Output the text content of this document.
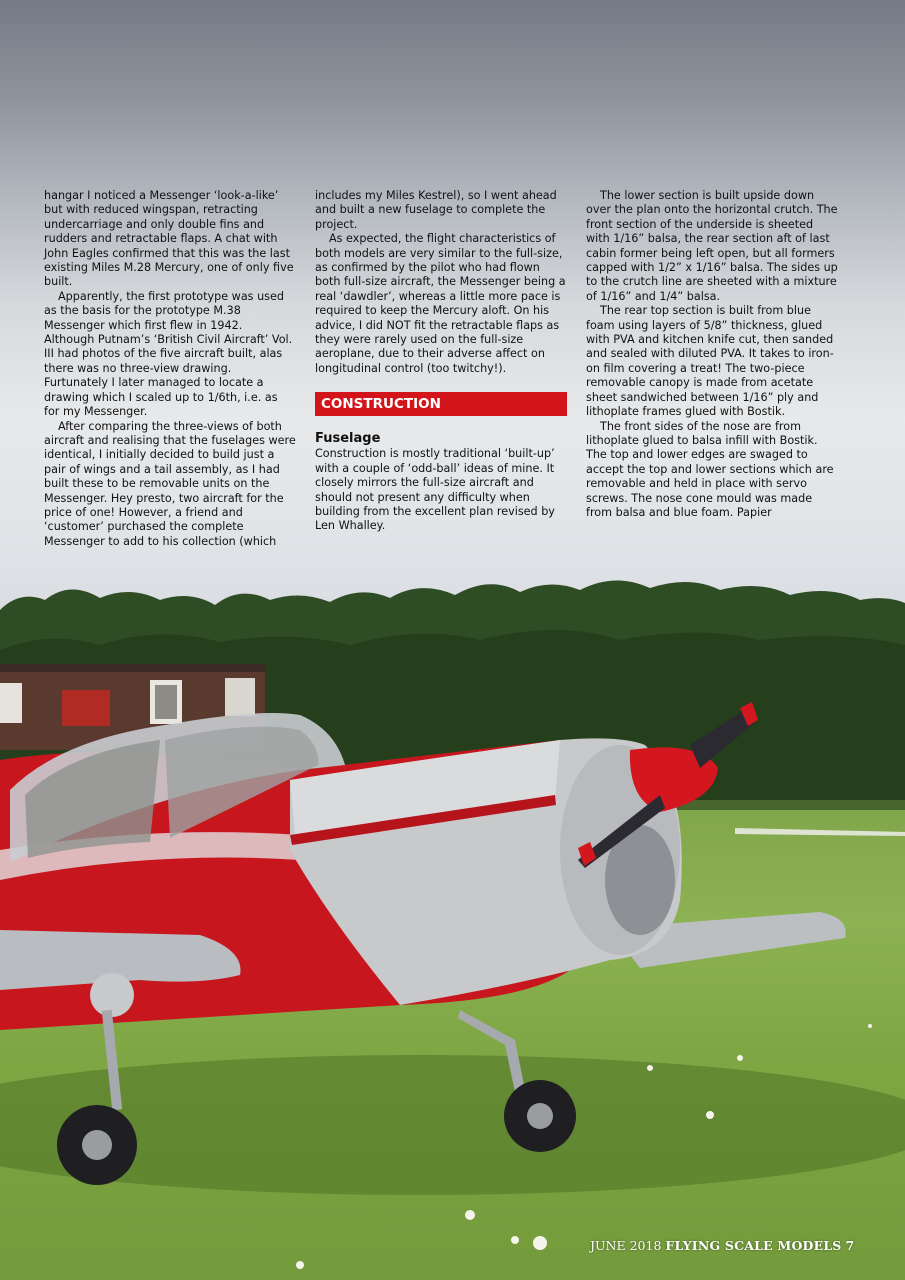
hangar I noticed a Messenger ‘look-a-like’ but with reduced wingspan, retracting undercarriage and only double fins and rudders and retractable flaps. A chat with John Eagles confirmed that this was the last existing Miles M.28 Mercury, one of only five built.

Apparently, the first prototype was used as the basis for the prototype M.38 Messenger which first flew in 1942. Although Putnam’s ‘British Civil Aircraft’ Vol. III had photos of the five aircraft built, alas there was no three-view drawing. Furtunately I later managed to locate a drawing which I scaled up to 1/6th, i.e. as for my Messenger.

After comparing the three-views of both aircraft and realising that the fuselages were identical, I initially decided to build just a pair of wings and a tail assembly, as I had built these to be removable units on the Messenger. Hey presto, two aircraft for the price of one! However, a friend and ‘customer’ purchased the complete Messenger to add to his collection (which

includes my Miles Kestrel), so I went ahead and built a new fuselage to complete the project.

As expected, the flight characteristics of both models are very similar to the full-size, as confirmed by the pilot who had flown both full-size aircraft, the Messenger being a real ‘dawdler’, whereas a little more pace is required to keep the Mercury aloft. On his advice, I did NOT fit the retractable flaps as they were rarely used on the full-size aeroplane, due to their adverse affect on longitudinal control (too twitchy!).

CONSTRUCTION
Fuselage

Construction is mostly traditional ‘built-up’ with a couple of ‘odd-ball’ ideas of mine. It closely mirrors the full-size aircraft and should not present any difficulty when building from the excellent plan revised by Len Whalley.

The lower section is built upside down over the plan onto the horizontal crutch. The front section of the underside is sheeted with 1/16” balsa, the rear section aft of last cabin former being left open, but all formers capped with 1/2” x 1/16” balsa. The sides up to the crutch line are sheeted with a mixture of 1/16” and 1/4” balsa.

The rear top section is built from blue foam using layers of 5/8” thickness, glued with PVA and kitchen knife cut, then sanded and sealed with diluted PVA. It takes to iron-on film covering a treat! The two-piece removable canopy is made from acetate sheet sandwiched between 1/16” ply and lithoplate frames glued with Bostik.

The front sides of the nose are from lithoplate glued to balsa infill with Bostik. The top and lower edges are swaged to accept the top and lower sections which are removable and held in place with servo screws. The nose cone mould was made from balsa and blue foam. Papier

JUNE 2018 FLYING SCALE MODELS 7
